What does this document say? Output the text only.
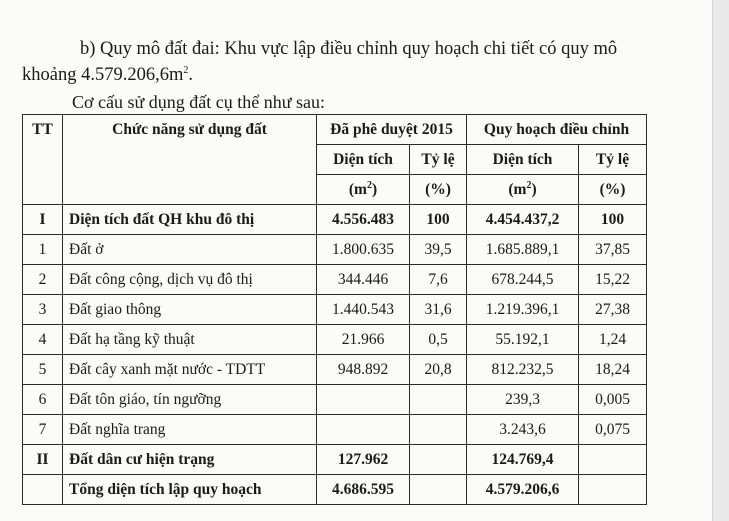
b) Quy mô đất đai: Khu vực lập điều chỉnh quy hoạch chi tiết có quy mô
khoảng $4.579.206,6m^2$.
Cơ cấu sử dụng đất cụ thể như sau:
TT	Chức năng sử dụng đất	Đã phê duyệt 2015		Quy hoạch điều chỉnh	
		Diện tích	Tỷ lệ	Diện tích	Tỷ lệ
		$(m^2)$	(%)	$(m^2)$	(%)
I	Diện tích đất QH khu đô thị	4.556.483	100	4.454.437,2	100
1	Đất ở	1.800.635	39,5	1.685.889,1	37,85
2	Đất công cộng, dịch vụ đô thị	344.446	7,6	678.244,5	15,22
3	Đất giao thông	1.440.543	31,6	1.219.396,1	27,38
4	Đất hạ tầng kỹ thuật	21.966	0,5	55.192,1	1,24
5	Đất cây xanh mặt nước - TDTT	948.892	20,8	812.232,5	18,24
6	Đất tôn giáo, tín ngưỡng			239,3	0,005
7	Đất nghĩa trang			3.243,6	0,075
II	Đất dân cư hiện trạng	127.962		124.769,4	
	Tổng diện tích lập quy hoạch	4.686.595		4.579.206,6	
